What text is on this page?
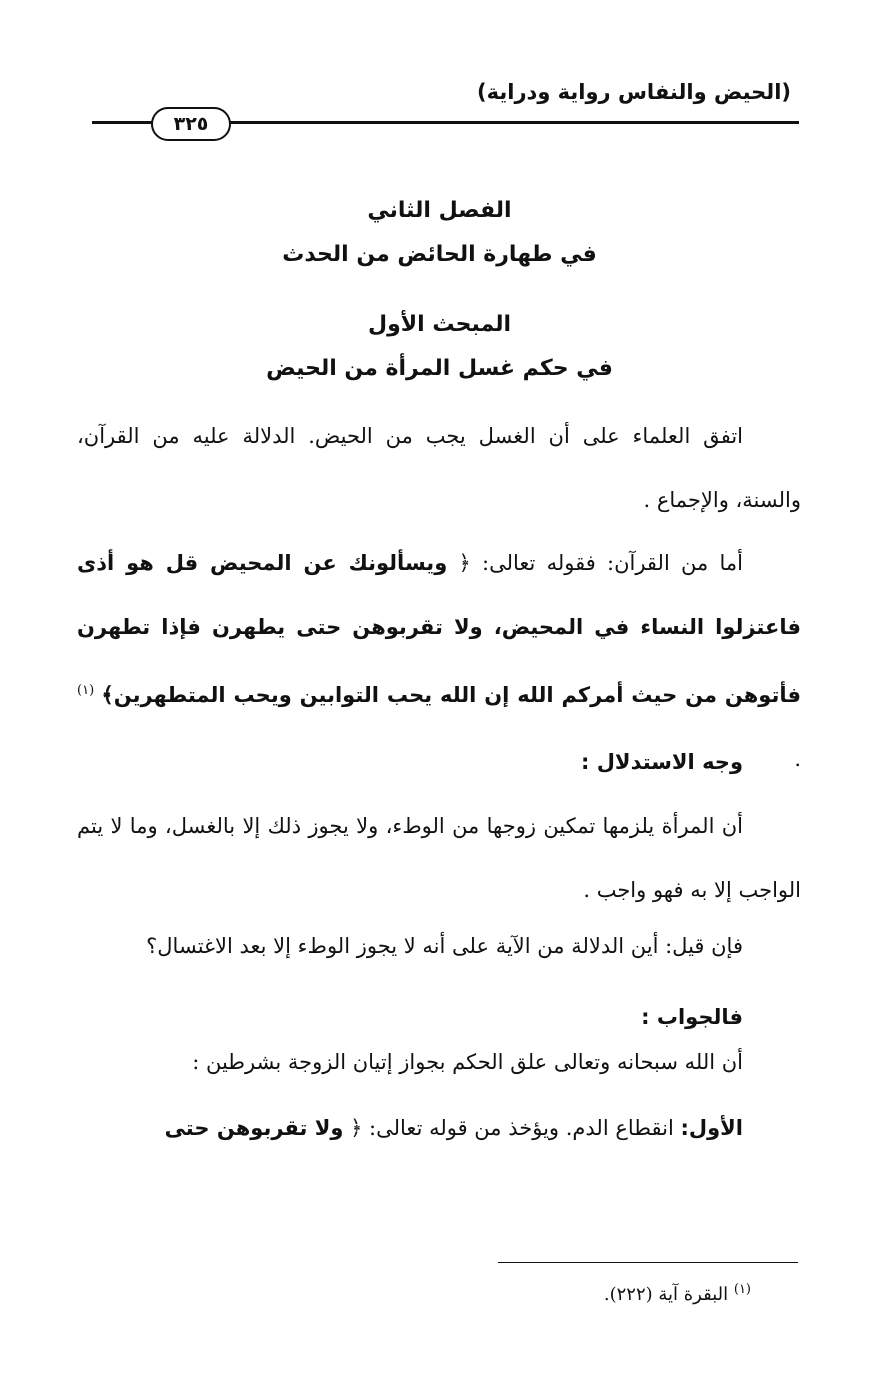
(الحيض والنفاس رواية ودراية)
٣٢٥
الفصل الثاني
في طهارة الحائض من الحدث
المبحث الأول
في حكم غسل المرأة من الحيض
اتفق العلماء على أن الغسل يجب من الحيض. الدلالة عليه من القرآن، والسنة، والإجماع .
أما من القرآن: فقوله تعالى: ﴿ ويسألونك عن المحيض قل هو أذى فاعتزلوا النساء في المحيض، ولا تقربوهن حتى يطهرن فإذا تطهرن فأتوهن من حيث أمركم الله إن الله يحب التوابين ويحب المتطهرين﴾ $^{(١)}$ .
وجه الاستدلال :
أن المرأة يلزمها تمكين زوجها من الوطء، ولا يجوز ذلك إلا بالغسل، وما لا يتم الواجب إلا به فهو واجب .
فإن قيل: أين الدلالة من الآية على أنه لا يجوز الوطء إلا بعد الاغتسال؟
فالجواب :
أن الله سبحانه وتعالى علق الحكم بجواز إتيان الزوجة بشرطين :
الأول: انقطاع الدم. ويؤخذ من قوله تعالى: ﴿ ولا تقربوهن حتى
$^{(١)}$ البقرة آية (٢٢٢).
